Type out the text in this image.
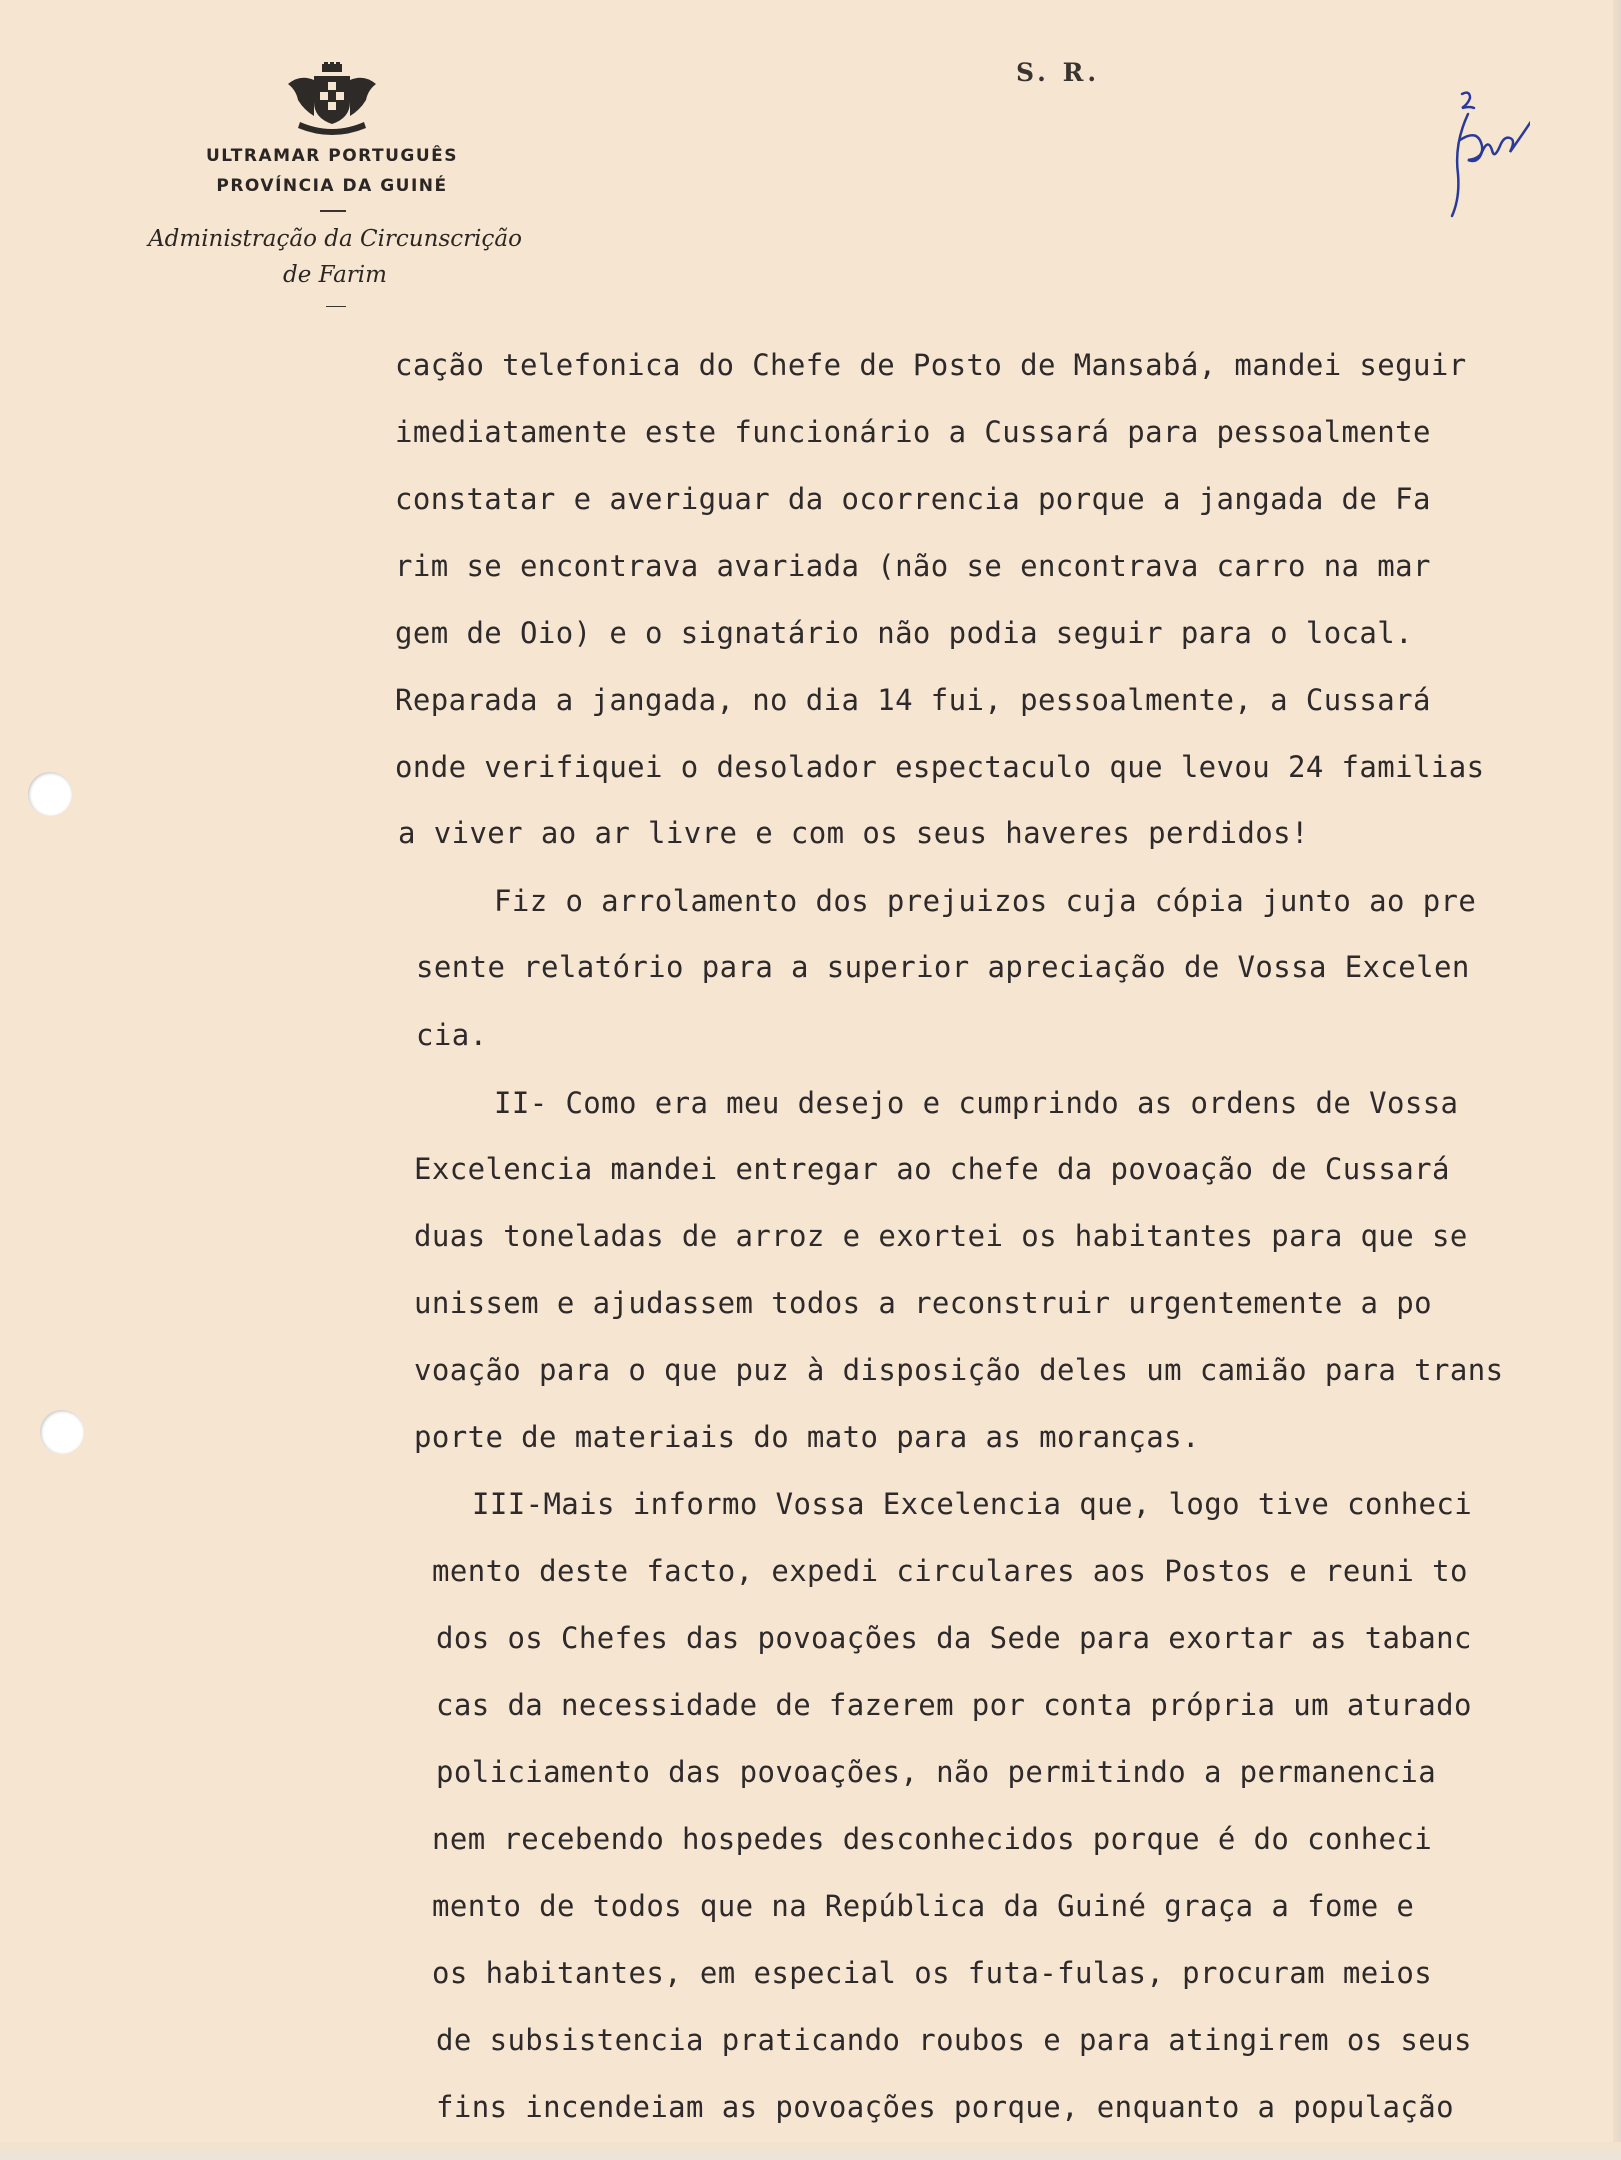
ULTRAMAR PORTUGUÊS
PROVÍNCIA DA GUINÉ
Administração da Circunscrição
de Farim
S. R.
cação telefonica do Chefe de Posto de Mansabá, mandei seguir
imediatamente este funcionário a Cussará para pessoalmente
constatar e averiguar da ocorrencia porque a jangada de Fa
rim se encontrava avariada (não se encontrava carro na mar
gem de Oio) e o signatário não podia seguir para o local.
Reparada a jangada, no dia 14 fui, pessoalmente, a Cussará
onde verifiquei o desolador espectaculo que levou 24 familias
a viver ao ar livre e com os seus haveres perdidos!
Fiz o arrolamento dos prejuizos cuja cópia junto ao pre
sente relatório para a superior apreciação de Vossa Excelen
cia.
II- Como era meu desejo e cumprindo as ordens de Vossa
Excelencia mandei entregar ao chefe da povoação de Cussará
duas toneladas de arroz e exortei os habitantes para que se
unissem e ajudassem todos a reconstruir urgentemente a po
voação para o que puz à disposição deles um camião para trans
porte de materiais do mato para as moranças.
III-Mais informo Vossa Excelencia que, logo tive conheci
mento deste facto, expedi circulares aos Postos e reuni to
dos os Chefes das povoações da Sede para exortar as tabanc
cas da necessidade de fazerem por conta própria um aturado
policiamento das povoações, não permitindo a permanencia
nem recebendo hospedes desconhecidos porque é do conheci
mento de todos que na República da Guiné graça a fome e
os habitantes, em especial os futa-fulas, procuram meios
de subsistencia praticando roubos e para atingirem os seus
fins incendeiam as povoações porque, enquanto a população
